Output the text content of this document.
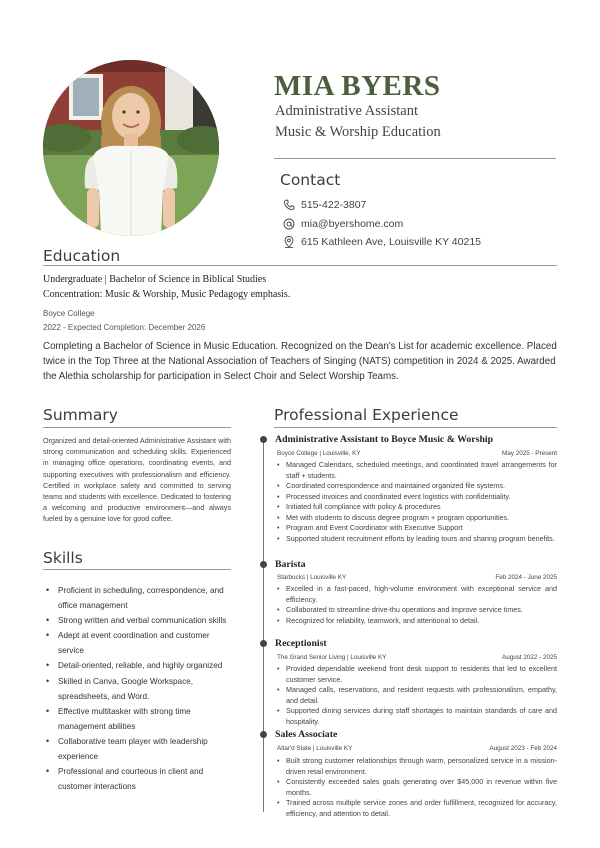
MIA BYERS
Administrative Assistant
Music & Worship Education
Contact
515-422-3807
mia@byershome.com
615 Kathleen Ave, Louisville KY 40215
Education
Undergraduate | Bachelor of Science in Biblical Studies
Concentration: Music & Worship, Music Pedagogy emphasis.
Boyce College
2022 - Expected Completion: December 2026
Completing a Bachelor of Science in Music Education. Recognized on the Dean's List for academic excellence. Placed twice in the Top Three at the National Association of Teachers of Singing (NATS) competition in 2024 & 2025. Awarded the Alethia scholarship for participation in Select Choir and Select Worship Teams.
Summary
Organized and detail-oriented Administrative Assistant with strong communication and scheduling skills. Experienced in managing office operations, coordinating events, and supporting executives with professionalism and efficiency. Certified in workplace safety and committed to serving teams and students with excellence. Dedicated to fostering a welcoming and productive environment—and always fueled by a genuine love for good coffee.
Skills
• Proficient in scheduling, correspondence, and office management
• Strong written and verbal communication skills
• Adept at event coordination and customer service
• Detail-oriented, reliable, and highly organized
• Skilled in Canva, Google Workspace, spreadsheets, and Word.
• Effective multitasker with strong time management abilities
• Collaborative team player with leadership experience
• Professional and courteous in client and customer interactions
Professional Experience
Administrative Assistant to Boyce Music & Worship
Boyce College | Louisville, KY	May 2025 - Present
• Managed Calendars, scheduled meetings, and coordinated travel arrangements for staff + students.
• Coordinated correspondence and maintained organized file systems.
• Processed invoices and coordinated event logistics with confidentiality.
• Initiated full compliance with policy & procedures
• Met with students to discuss degree program + program opportunities.
• Program and Event Coordinator with Executive Support
• Supported student recruitment efforts by leading tours and sharing program benefits.
Barista
Starbucks | Louisville KY	Feb 2024 - June 2025
• Excelled in a fast-paced, high-volume environment with exceptional service and efficiency.
• Collaborated to streamline drive-thu operations and improve service times.
• Recognized for reliability, teamwork, and attentional to detail.
Receptionist
The Grand Senior Living | Louisville KY	August 2022 - 2025
• Provided dependable weekend front desk support to residents that led to excellent customer service.
• Managed calls, reservations, and resident requests with professionalism, empathy, and detail.
• Supported dining services during staff shortages to maintain standards of care and hospitality.
Sales Associate
Altar'd State | Louisville KY	August 2023 - Feb 2024
• Built strong customer relationships through warm, personalized service in a mission-driven retail environment.
• Consistently exceeded sales goals generating over $45,000 in revenue within five months.
• Trained across multiple service zones and order fulfillment, recognized for accuracy, efficiency, and attention to detail.
